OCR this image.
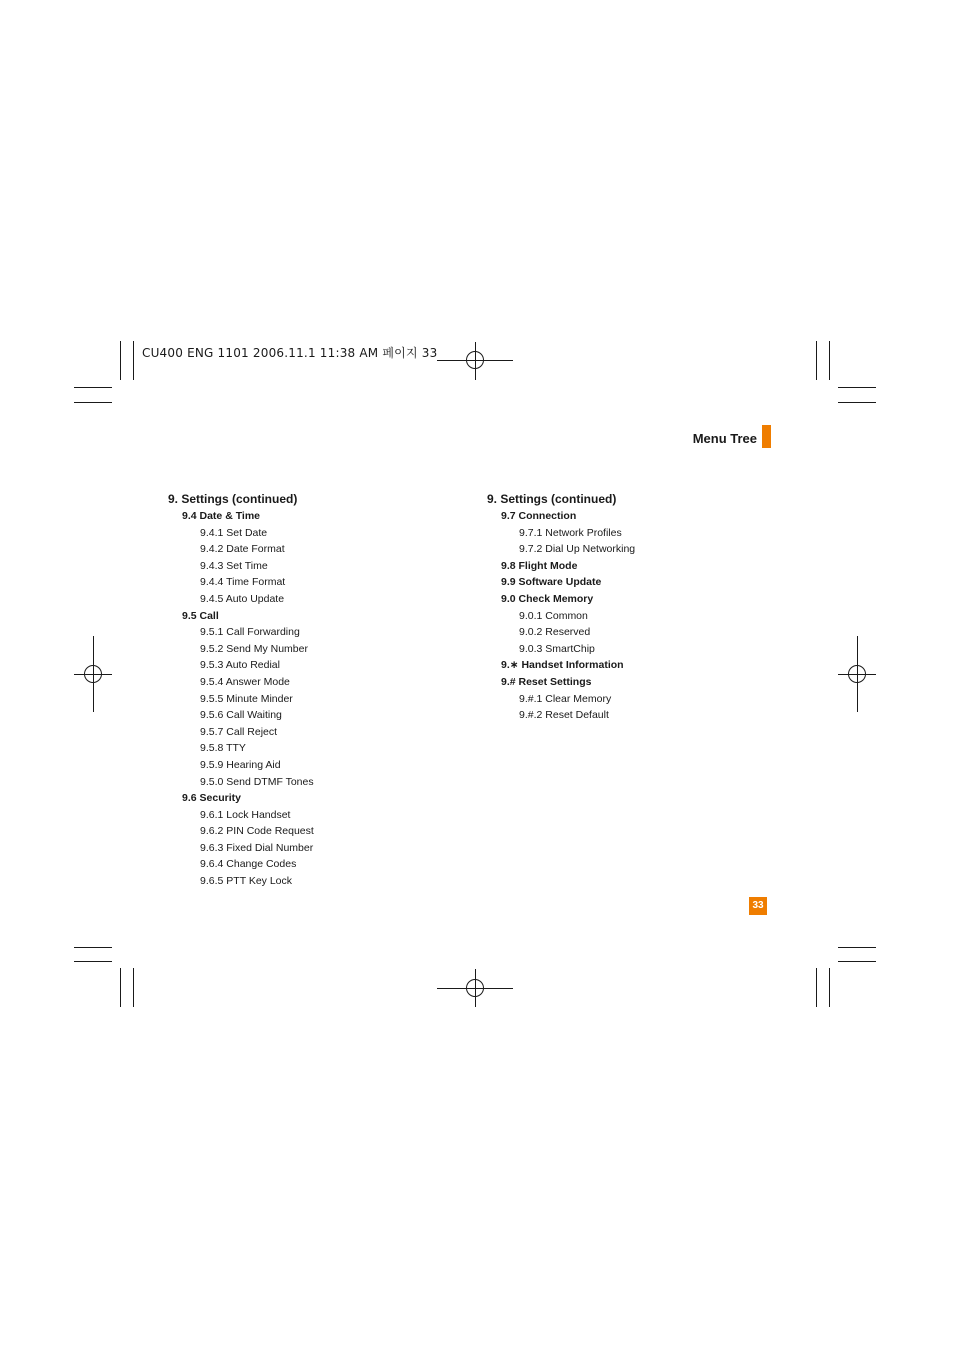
CU400 ENG 1101 2006.11.1 11:38 AM 페이지 33
Menu Tree
9. Settings (continued)
9.4 Date & Time
9.4.1 Set Date
9.4.2 Date Format
9.4.3 Set Time
9.4.4 Time Format
9.4.5 Auto Update
9.5 Call
9.5.1 Call Forwarding
9.5.2 Send My Number
9.5.3 Auto Redial
9.5.4 Answer Mode
9.5.5 Minute Minder
9.5.6 Call Waiting
9.5.7 Call Reject
9.5.8 TTY
9.5.9 Hearing Aid
9.5.0 Send DTMF Tones
9.6 Security
9.6.1 Lock Handset
9.6.2 PIN Code Request
9.6.3 Fixed Dial Number
9.6.4 Change Codes
9.6.5 PTT Key Lock
9. Settings (continued)
9.7 Connection
9.7.1 Network Profiles
9.7.2 Dial Up Networking
9.8 Flight Mode
9.9 Software Update
9.0 Check Memory
9.0.1 Common
9.0.2 Reserved
9.0.3 SmartChip
9.∗ Handset Information
9.# Reset Settings
9.#.1 Clear Memory
9.#.2 Reset Default
33
